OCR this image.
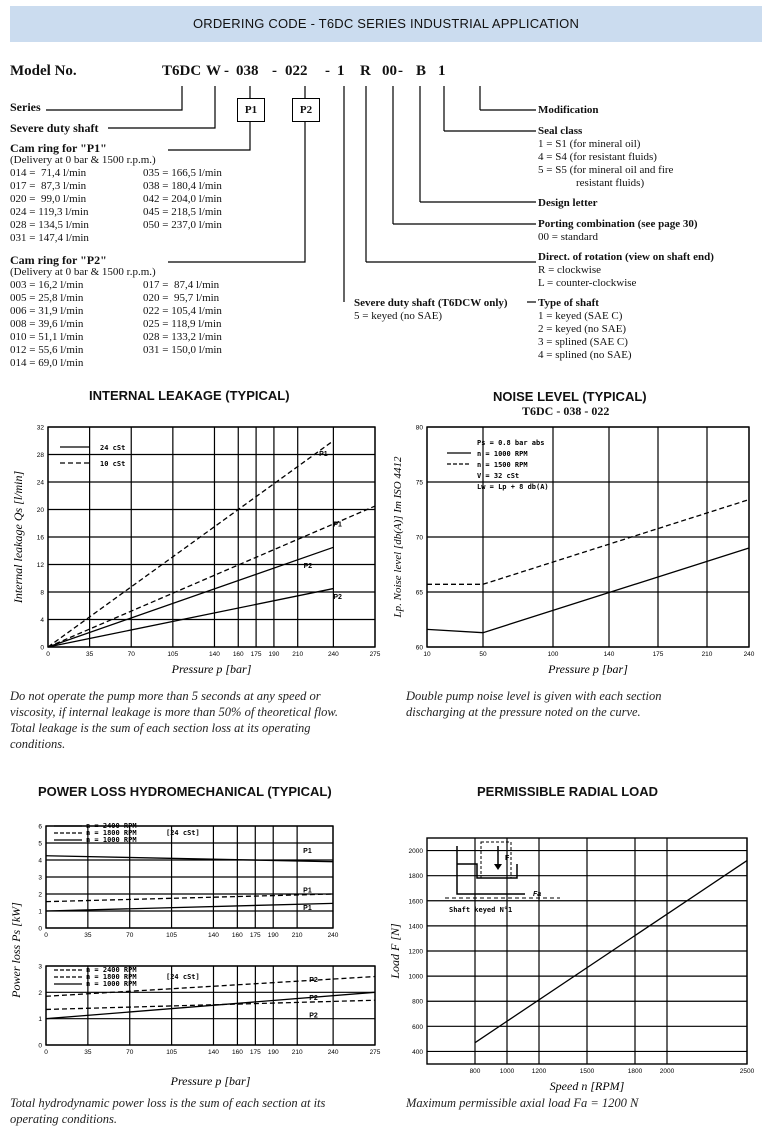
ORDERING CODE - T6DC SERIES INDUSTRIAL APPLICATION
Model No.	T6DC W - 038 - 022 - 1 R 00 - B 1
P1	P2
Series
Severe duty shaft
Cam ring for "P1"
(Delivery at 0 bar & 1500 r.p.m.)
014 =  71,4 l/min
017 =  87,3 l/min
020 =  99,0 l/min
024 = 119,3 l/min
028 = 134,5 l/min
031 = 147,4 l/min
035 = 166,5 l/min
038 = 180,4 l/min
042 = 204,0 l/min
045 = 218,5 l/min
050 = 237,0 l/min
Cam ring for "P2"
(Delivery at 0 bar & 1500 r.p.m.)
003 = 16,2 l/min
005 = 25,8 l/min
006 = 31,9 l/min
008 = 39,6 l/min
010 = 51,1 l/min
012 = 55,6 l/min
014 = 69,0 l/min
017 =  87,4 l/min
020 =  95,7 l/min
022 = 105,4 l/min
025 = 118,9 l/min
028 = 133,2 l/min
031 = 150,0 l/min
Severe duty shaft (T6DCW only)
5 = keyed (no SAE)
Modification
Seal class
1 = S1 (for mineral oil)
4 = S4 (for resistant fluids)
5 = S5 (for mineral oil and fire
resistant fluids)
Design letter
Porting combination (see page 30)
00 = standard
Direct. of rotation (view on shaft end)
R = clockwise
L = counter-clockwise
Type of shaft
1 = keyed (SAE C)
2 = keyed (no SAE)
3 = splined (SAE C)
4 = splined (no SAE)
INTERNAL LEAKAGE (TYPICAL)	NOISE LEVEL (TYPICAL)
T6DC - 038 - 022
POWER LOSS HYDROMECHANICAL (TYPICAL)	PERMISSIBLE RADIAL LOAD
0	35	70	105	140 160 175 190 210	240	275
0
4
8
12
16
20
24
28
32
P1
P1
P2
P2
24 cSt
10 cSt
Pressure p [bar]
Internal leakage Qs [l/min]
10	50	100	140	175	210	240
60
65
70
75
80
Ps = 0.8 bar abs
n = 1000 RPM
n = 1500 RPM
V = 32 cSt
Lw = Lp + 8 db(A)
Pressure p [bar]
Lp. Noise level [db(A)] Im ISO 4412
0	35	70	105	140 160 175 190 210	240
0
1
2
3
4
5
6
P1
P1
P1
n = 2400 RPM
n = 1800 RPM
n = 1000 RPM
[24 cSt]
0	35	70	105	140 160 175 190 210	240	275
0
1
2
3
P2
P2
P2
n = 2400 RPM
n = 1800 RPM
n = 1000 RPM
[24 cSt]
Pressure p [bar]
Power loss Ps [kW]
800	1000	1200	1500	1800	2000	2500
400
600
800
1000
1200
1400
1600
1800
2000
F
Fa
Shaft keyed N°1
Speed n [RPM]
Load F [N]
Do not operate the pump more than 5 seconds at any speed or
viscosity, if internal leakage is more than 50% of theoretical flow.
Total leakage is the sum of each section loss at its operating
conditions.
Double pump noise level is given with each section
discharging at the pressure noted on the curve.
Total hydrodynamic power loss is the sum of each section at its
operating conditions.
Maximum permissible axial load Fa = 1200 N
